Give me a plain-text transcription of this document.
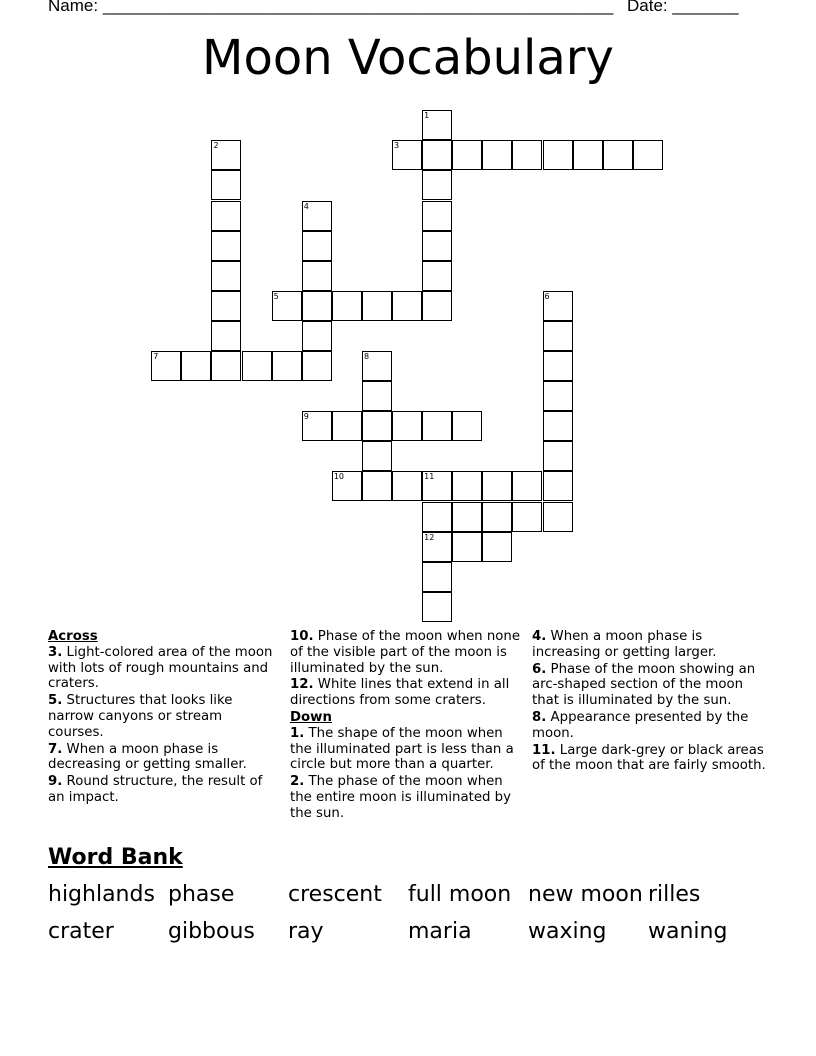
Name: ______________________________________________________ Date: _______
Moon Vocabulary
1
2	3
4
5	6
7	8
9
10	11
12
Across
3. Light-colored area of the moon with lots of rough mountains and craters.
5. Structures that looks like narrow canyons or stream courses.
7. When a moon phase is decreasing or getting smaller.
9. Round structure, the result of an impact.
10. Phase of the moon when none of the visible part of the moon is illuminated by the sun.
12. White lines that extend in all directions from some craters.
Down
1. The shape of the moon when the illuminated part is less than a circle but more than a quarter.
2. The phase of the moon when the entire moon is illuminated by the sun.
4. When a moon phase is increasing or getting larger.
6. Phase of the moon showing an arc-shaped section of the moon that is illuminated by the sun.
8. Appearance presented by the moon.
11. Large dark-grey or black areas of the moon that are fairly smooth.
Word Bank
highlands phase crescent full moon new moon rilles
crater gibbous ray	maria	waxing waning
